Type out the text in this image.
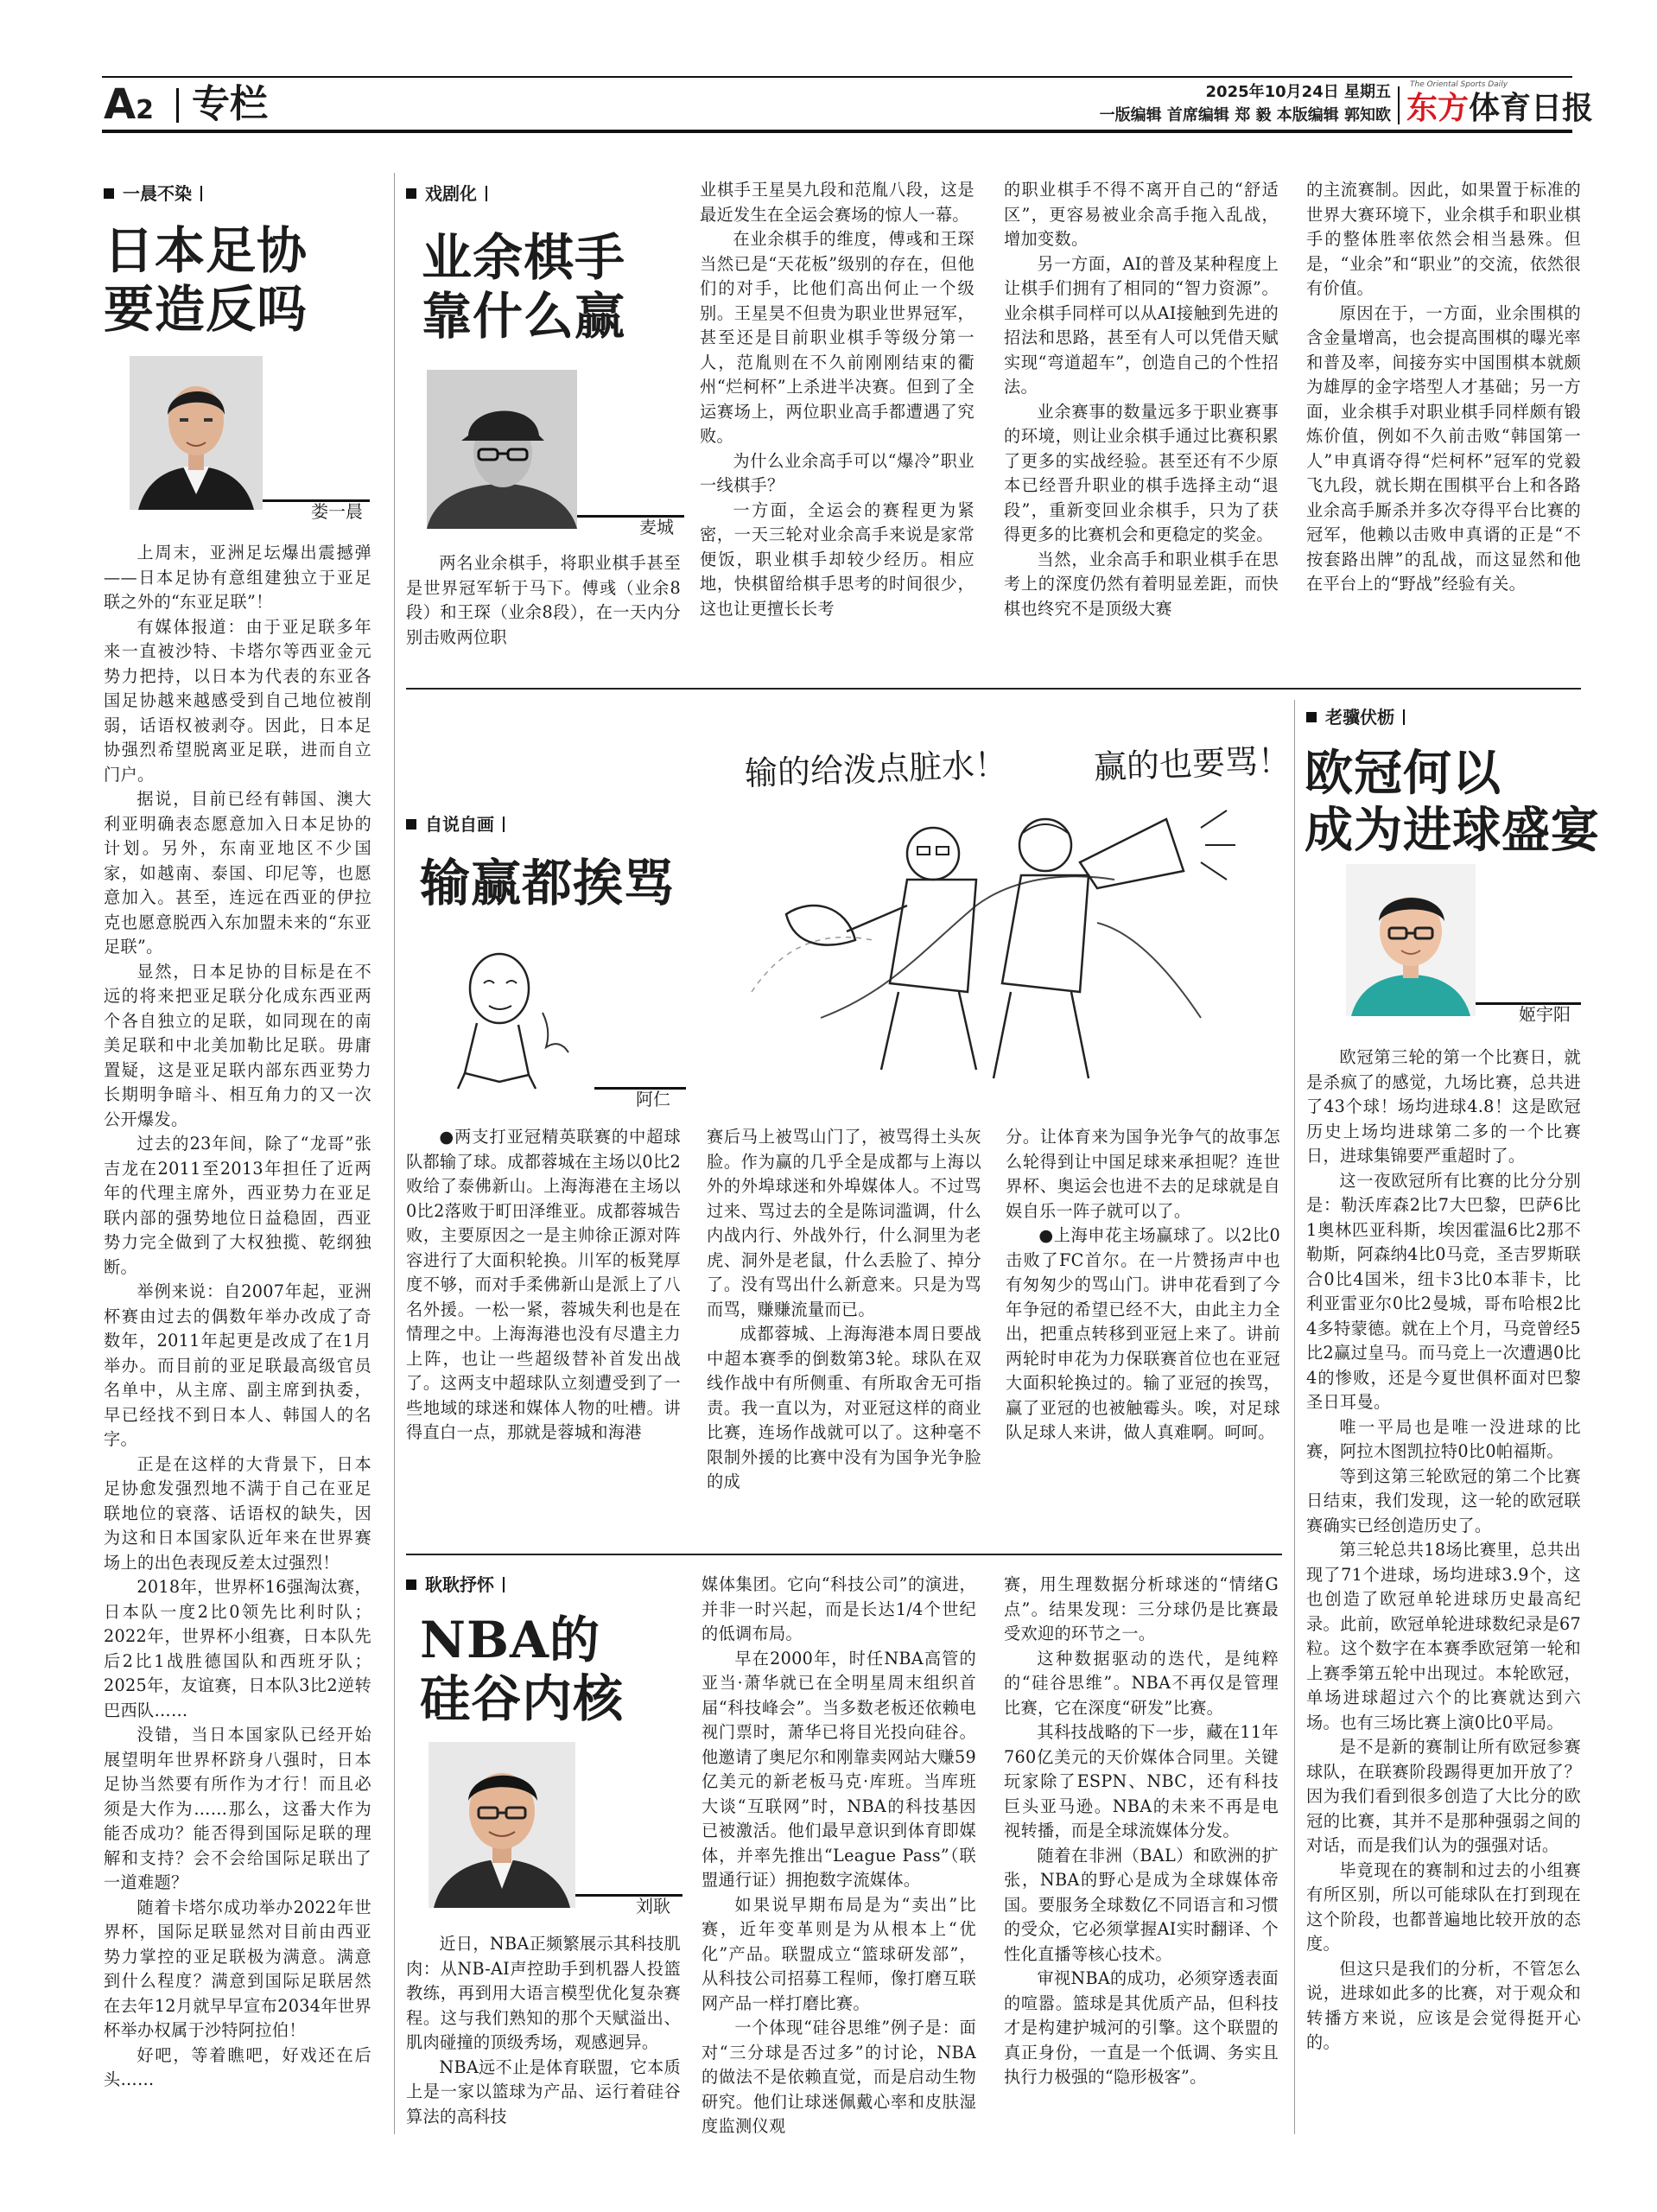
A2 专栏	2025年10月24日 星期五
一版编辑 首席编辑 郑 毅 本版编辑 郭知欧
The Oriental Sports Daily
东方体育日报
一晨不染
日本足协
要造反吗
娄一晨

上周末，亚洲足坛爆出震撼弹——日本足协有意组建独立于亚足联之外的“东亚足联”！

有媒体报道：由于亚足联多年来一直被沙特、卡塔尔等西亚金元势力把持，以日本为代表的东亚各国足协越来越感受到自己地位被削弱，话语权被剥夺。因此，日本足协强烈希望脱离亚足联，进而自立门户。

据说，目前已经有韩国、澳大利亚明确表态愿意加入日本足协的计划。另外，东南亚地区不少国家，如越南、泰国、印尼等，也愿意加入。甚至，连远在西亚的伊拉克也愿意脱西入东加盟未来的“东亚足联”。

显然，日本足协的目标是在不远的将来把亚足联分化成东西亚两个各自独立的足联，如同现在的南美足联和中北美加勒比足联。毋庸置疑，这是亚足联内部东西亚势力长期明争暗斗、相互角力的又一次公开爆发。

过去的23年间，除了“龙哥”张吉龙在2011至2013年担任了近两年的代理主席外，西亚势力在亚足联内部的强势地位日益稳固，西亚势力完全做到了大权独揽、乾纲独断。

举例来说：自2007年起，亚洲杯赛由过去的偶数年举办改成了奇数年，2011年起更是改成了在1月举办。而目前的亚足联最高级官员名单中，从主席、副主席到执委，早已经找不到日本人、韩国人的名字。

正是在这样的大背景下，日本足协愈发强烈地不满于自己在亚足联地位的衰落、话语权的缺失，因为这和日本国家队近年来在世界赛场上的出色表现反差太过强烈！

2018年，世界杯16强淘汰赛，日本队一度2比0领先比利时队；2022年，世界杯小组赛，日本队先后2比1战胜德国队和西班牙队；2025年，友谊赛，日本队3比2逆转巴西队……

没错，当日本国家队已经开始展望明年世界杯跻身八强时，日本足协当然要有所作为才行！而且必须是大作为……那么，这番大作为能否成功？能否得到国际足联的理解和支持？会不会给国际足联出了一道难题？

随着卡塔尔成功举办2022年世界杯，国际足联显然对目前由西亚势力掌控的亚足联极为满意。满意到什么程度？满意到国际足联居然在去年12月就早早宣布2034年世界杯举办权属于沙特阿拉伯！

好吧，等着瞧吧，好戏还在后头……

戏剧化
业余棋手
靠什么赢
麦城

两名业余棋手，将职业棋手甚至是世界冠军斩于马下。傅彧（业余8段）和王琛（业余8段），在一天内分别击败两位职

业棋手王星昊九段和范胤八段，这是最近发生在全运会赛场的惊人一幕。

在业余棋手的维度，傅彧和王琛当然已是“天花板”级别的存在，但他们的对手，比他们高出何止一个级别。王星昊不但贵为职业世界冠军，甚至还是目前职业棋手等级分第一人，范胤则在不久前刚刚结束的衢州“烂柯杯”上杀进半决赛。但到了全运赛场上，两位职业高手都遭遇了究败。

为什么业余高手可以“爆冷”职业一线棋手？

一方面，全运会的赛程更为紧密，一天三轮对业余高手来说是家常便饭，职业棋手却较少经历。相应地，快棋留给棋手思考的时间很少，这也让更擅长长考

的职业棋手不得不离开自己的“舒适区”，更容易被业余高手拖入乱战，增加变数。

另一方面，AI的普及某种程度上让棋手们拥有了相同的“智力资源”。业余棋手同样可以从AI接触到先进的招法和思路，甚至有人可以凭借天赋实现“弯道超车”，创造自己的个性招法。

业余赛事的数量远多于职业赛事的环境，则让业余棋手通过比赛积累了更多的实战经验。甚至还有不少原本已经晋升职业的棋手选择主动“退段”，重新变回业余棋手，只为了获得更多的比赛机会和更稳定的奖金。

当然，业余高手和职业棋手在思考上的深度仍然有着明显差距，而快棋也终究不是顶级大赛

的主流赛制。因此，如果置于标准的世界大赛环境下，业余棋手和职业棋手的整体胜率依然会相当悬殊。但是，“业余”和“职业”的交流，依然很有价值。

原因在于，一方面，业余围棋的含金量增高，也会提高围棋的曝光率和普及率，间接夯实中国围棋本就颇为雄厚的金字塔型人才基础；另一方面，业余棋手对职业棋手同样颇有锻炼价值，例如不久前击败“韩国第一人”申真谞夺得“烂柯杯”冠军的党毅飞九段，就长期在围棋平台上和各路业余高手厮杀并多次夺得平台比赛的冠军，他赖以击败申真谞的正是“不按套路出牌”的乱战，而这显然和他在平台上的“野战”经验有关。

老骥伏枥
欧冠何以
成为进球盛宴
姬宇阳

欧冠第三轮的第一个比赛日，就是杀疯了的感觉，九场比赛，总共进了43个球！场均进球4.8！这是欧冠历史上场均进球第二多的一个比赛日，进球集锦要严重超时了。

这一夜欧冠所有比赛的比分分别是：勒沃库森2比7大巴黎，巴萨6比1奥林匹亚科斯，埃因霍温6比2那不勒斯，阿森纳4比0马竞，圣吉罗斯联合0比4国米，纽卡3比0本菲卡，比利亚雷亚尔0比2曼城，哥布哈根2比4多特蒙德。就在上个月，马竞曾经5比2赢过皇马。而马竞上一次遭遇0比4的惨败，还是今夏世俱杯面对巴黎圣日耳曼。

唯一平局也是唯一没进球的比赛，阿拉木图凯拉特0比0帕福斯。

等到这第三轮欧冠的第二个比赛日结束，我们发现，这一轮的欧冠联赛确实已经创造历史了。

第三轮总共18场比赛里，总共出现了71个进球，场均进球3.9个，这也创造了欧冠单轮进球历史最高纪录。此前，欧冠单轮进球数纪录是67粒。这个数字在本赛季欧冠第一轮和上赛季第五轮中出现过。本轮欧冠，单场进球超过六个的比赛就达到六场。也有三场比赛上演0比0平局。

是不是新的赛制让所有欧冠参赛球队，在联赛阶段踢得更加开放了？因为我们看到很多创造了大比分的欧冠的比赛，其并不是那种强弱之间的对话，而是我们认为的强强对话。

毕竟现在的赛制和过去的小组赛有所区别，所以可能球队在打到现在这个阶段，也都普遍地比较开放的态度。

但这只是我们的分析，不管怎么说，进球如此多的比赛，对于观众和转播方来说，应该是会觉得挺开心的。

自说自画
输赢都挨骂
阿仁
输的给泼点脏水！	赢的也要骂！

●两支打亚冠精英联赛的中超球队都输了球。成都蓉城在主场以0比2败给了泰佛新山。上海海港在主场以0比2落败于町田泽维亚。成都蓉城告败，主要原因之一是主帅徐正源对阵容进行了大面积轮换。川军的板凳厚度不够，而对手柔佛新山是派上了八名外援。一松一紧，蓉城失利也是在情理之中。上海海港也没有尽遣主力上阵，也让一些超级替补首发出战了。这两支中超球队立刻遭受到了一些地域的球迷和媒体人物的吐槽。讲得直白一点，那就是蓉城和海港

赛后马上被骂山门了，被骂得土头灰脸。作为赢的几乎全是成都与上海以外的外埠球迷和外埠媒体人。不过骂过来、骂过去的全是陈词滥调，什么内战内行、外战外行，什么洞里为老虎、洞外是老鼠，什么丢脸了、掉分了。没有骂出什么新意来。只是为骂而骂，赚赚流量而已。

成都蓉城、上海海港本周日要战中超本赛季的倒数第3轮。球队在双线作战中有所侧重、有所取舍无可指责。我一直以为，对亚冠这样的商业比赛，连场作战就可以了。这种毫不限制外援的比赛中没有为国争光争脸的成

分。让体育来为国争光争气的故事怎么轮得到让中国足球来承担呢？连世界杯、奥运会也进不去的足球就是自娱自乐一阵子就可以了。

●上海申花主场赢球了。以2比0击败了FC首尔。在一片赞扬声中也有匆匆少的骂山门。讲申花看到了今年争冠的希望已经不大，由此主力全出，把重点转移到亚冠上来了。讲前两轮时申花为力保联赛首位也在亚冠大面积轮换过的。输了亚冠的挨骂，赢了亚冠的也被触霉头。唉，对足球队足球人来讲，做人真难啊。呵呵。

耿耿抒怀
NBA的
硅谷内核
刘耿

近日，NBA正频繁展示其科技肌肉：从NB-AI声控助手到机器人投篮教练，再到用大语言模型优化复杂赛程。这与我们熟知的那个天赋溢出、肌肉碰撞的顶级秀场，观感迥异。

NBA远不止是体育联盟，它本质上是一家以篮球为产品、运行着硅谷算法的高科技

媒体集团。它向“科技公司”的演进，并非一时兴起，而是长达1/4个世纪的低调布局。

早在2000年，时任NBA高管的亚当·萧华就已在全明星周末组织首届“科技峰会”。当多数老板还依赖电视门票时，萧华已将目光投向硅谷。他邀请了奥尼尔和刚靠卖网站大赚59亿美元的新老板马克·库班。当库班大谈“互联网”时，NBA的科技基因已被激活。他们最早意识到体育即媒体，并率先推出“League Pass”（联盟通行证）拥抱数字流媒体。

如果说早期布局是为“卖出”比赛，近年变革则是为从根本上“优化”产品。联盟成立“篮球研发部”，从科技公司招募工程师，像打磨互联网产品一样打磨比赛。

一个体现“硅谷思维”例子是：面对“三分球是否过多”的讨论，NBA的做法不是依赖直觉，而是启动生物研究。他们让球迷佩戴心率和皮肤湿度监测仪观

赛，用生理数据分析球迷的“情绪G点”。结果发现：三分球仍是比赛最受欢迎的环节之一。

这种数据驱动的迭代，是纯粹的“硅谷思维”。NBA不再仅是管理比赛，它在深度“研发”比赛。

其科技战略的下一步，藏在11年760亿美元的天价媒体合同里。关键玩家除了ESPN、NBC，还有科技巨头亚马逊。NBA的未来不再是电视转播，而是全球流媒体分发。

随着在非洲（BAL）和欧洲的扩张，NBA的野心是成为全球媒体帝国。要服务全球数亿不同语言和习惯的受众，它必须掌握AI实时翻译、个性化直播等核心技术。

审视NBA的成功，必须穿透表面的喧嚣。篮球是其优质产品，但科技才是构建护城河的引擎。这个联盟的真正身份，一直是一个低调、务实且执行力极强的“隐形极客”。
